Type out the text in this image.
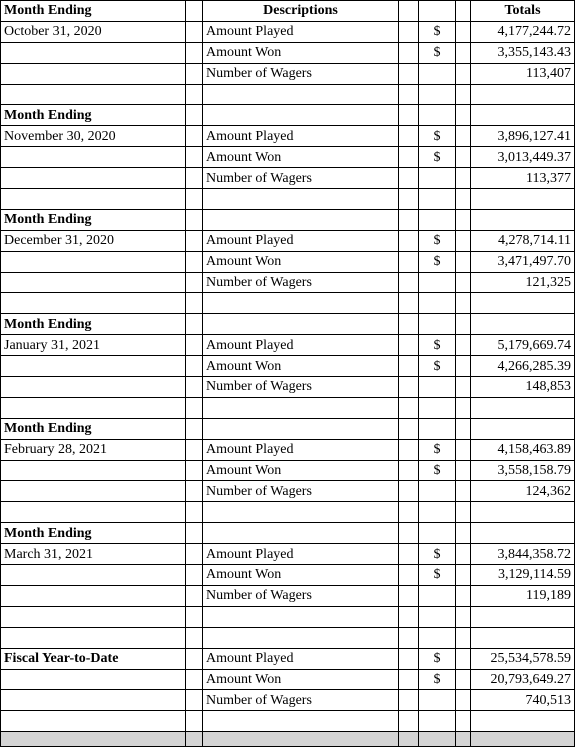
Month Ending		Descriptions				Totals
October 31, 2020		Amount Played		$		4,177,244.72
		Amount Won		$		3,355,143.43
		Number of Wagers				113,407

Month Ending						
November 30, 2020		Amount Played		$		3,896,127.41
		Amount Won		$		3,013,449.37
		Number of Wagers				113,377

Month Ending						
December 31, 2020		Amount Played		$		4,278,714.11
		Amount Won		$		3,471,497.70
		Number of Wagers				121,325

Month Ending						
January 31, 2021		Amount Played		$		5,179,669.74
		Amount Won		$		4,266,285.39
		Number of Wagers				148,853

Month Ending						
February 28, 2021		Amount Played		$		4,158,463.89
		Amount Won		$		3,558,158.79
		Number of Wagers				124,362

Month Ending						
March 31, 2021		Amount Played		$		3,844,358.72
		Amount Won		$		3,129,114.59
		Number of Wagers				119,189

Fiscal Year-to-Date		Amount Played		$		25,534,578.59
		Amount Won		$		20,793,649.27
		Number of Wagers				740,513
